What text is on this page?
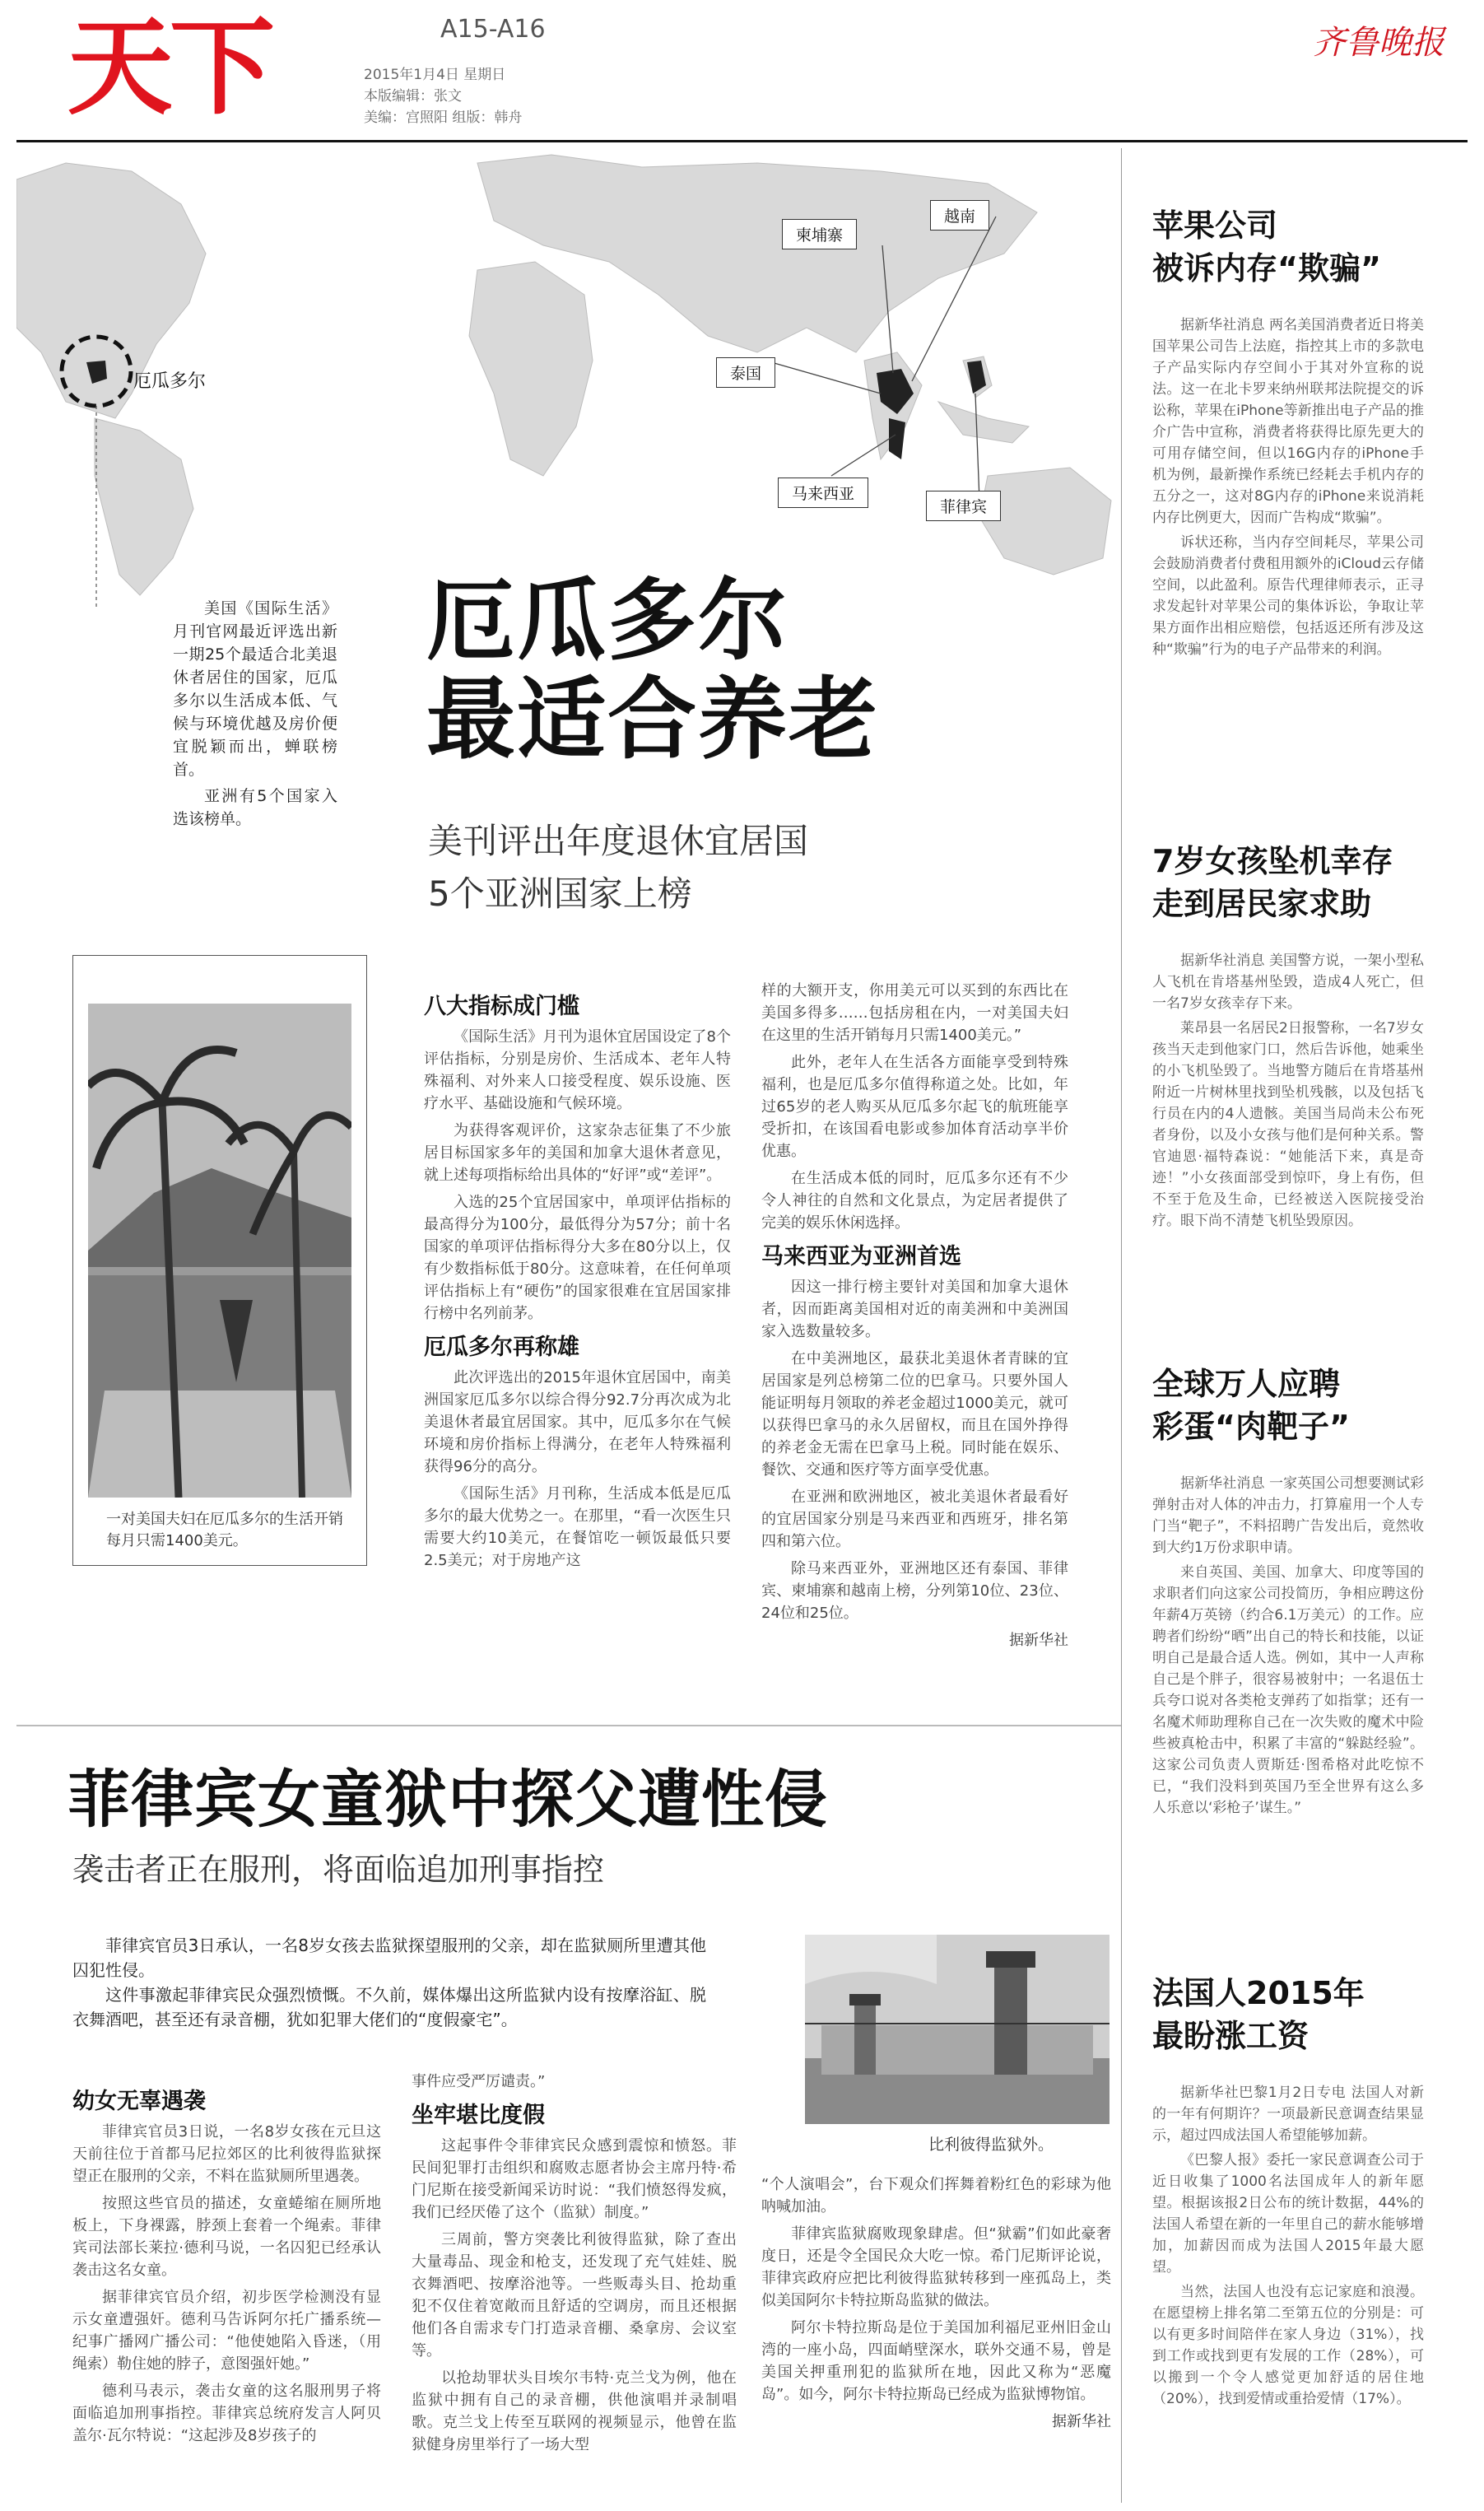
天下	A15-A16
2015年1月4日 星期日
本版编辑：张文
美编：宫照阳 组版：韩舟
齐鲁晚报
越南
柬埔寨
泰国
马来西亚
菲律宾
厄瓜多尔
美国《国际生活》月刊官网最近评选出新一期25个最适合北美退休者居住的国家，厄瓜多尔以生活成本低、气候与环境优越及房价便宜脱颖而出，蝉联榜首。
亚洲有5个国家入选该榜单。
厄瓜多尔
最适合养老
美刊评出年度退休宜居国
5个亚洲国家上榜
一对美国夫妇在厄瓜多尔的生活开销每月只需1400美元。
八大指标成门槛

《国际生活》月刊为退休宜居国设定了8个评估指标，分别是房价、生活成本、老年人特殊福利、对外来人口接受程度、娱乐设施、医疗水平、基础设施和气候环境。

为获得客观评价，这家杂志征集了不少旅居目标国家多年的美国和加拿大退休者意见，就上述每项指标给出具体的“好评”或“差评”。

入选的25个宜居国家中，单项评估指标的最高得分为100分，最低得分为57分；前十名国家的单项评估指标得分大多在80分以上，仅有少数指标低于80分。这意味着，在任何单项评估指标上有“硬伤”的国家很难在宜居国家排行榜中名列前茅。

厄瓜多尔再称雄

此次评选出的2015年退休宜居国中，南美洲国家厄瓜多尔以综合得分92.7分再次成为北美退休者最宜居国家。其中，厄瓜多尔在气候环境和房价指标上得满分，在老年人特殊福利获得96分的高分。

《国际生活》月刊称，生活成本低是厄瓜多尔的最大优势之一。在那里，“看一次医生只需要大约10美元，在餐馆吃一顿饭最低只要2.5美元；对于房地产这

样的大额开支，你用美元可以买到的东西比在美国多得多……包括房租在内，一对美国夫妇在这里的生活开销每月只需1400美元。”

此外，老年人在生活各方面能享受到特殊福利，也是厄瓜多尔值得称道之处。比如，年过65岁的老人购买从厄瓜多尔起飞的航班能享受折扣，在该国看电影或参加体育活动享半价优惠。

在生活成本低的同时，厄瓜多尔还有不少令人神往的自然和文化景点，为定居者提供了完美的娱乐休闲选择。

马来西亚为亚洲首选

因这一排行榜主要针对美国和加拿大退休者，因而距离美国相对近的南美洲和中美洲国家入选数量较多。

在中美洲地区，最获北美退休者青睐的宜居国家是列总榜第二位的巴拿马。只要外国人能证明每月领取的养老金超过1000美元，就可以获得巴拿马的永久居留权，而且在国外挣得的养老金无需在巴拿马上税。同时能在娱乐、餐饮、交通和医疗等方面享受优惠。

在亚洲和欧洲地区，被北美退休者最看好的宜居国家分别是马来西亚和西班牙，排名第四和第六位。

除马来西亚外，亚洲地区还有泰国、菲律宾、柬埔寨和越南上榜，分列第10位、23位、24位和25位。

据新华社
菲律宾女童狱中探父遭性侵
袭击者正在服刑，将面临追加刑事指控

菲律宾官员3日承认，一名8岁女孩去监狱探望服刑的父亲，却在监狱厕所里遭其他囚犯性侵。

这件事激起菲律宾民众强烈愤慨。不久前，媒体爆出这所监狱内设有按摩浴缸、脱衣舞酒吧，甚至还有录音棚，犹如犯罪大佬们的“度假豪宅”。

幼女无辜遇袭

菲律宾官员3日说，一名8岁女孩在元旦这天前往位于首都马尼拉郊区的比利彼得监狱探望正在服刑的父亲，不料在监狱厕所里遇袭。

按照这些官员的描述，女童蜷缩在厕所地板上，下身裸露，脖颈上套着一个绳索。菲律宾司法部长莱拉·德利马说，一名囚犯已经承认袭击这名女童。

据菲律宾官员介绍，初步医学检测没有显示女童遭强奸。德利马告诉阿尔托广播系统—纪事广播网广播公司：“他使她陷入昏迷，（用绳索）勒住她的脖子，意图强奸她。”

德利马表示，袭击女童的这名服刑男子将面临追加刑事指控。菲律宾总统府发言人阿贝盖尔·瓦尔特说：“这起涉及8岁孩子的

事件应受严厉谴责。”

坐牢堪比度假

这起事件令菲律宾民众感到震惊和愤怒。菲民间犯罪打击组织和腐败志愿者协会主席丹特·希门尼斯在接受新闻采访时说：“我们愤怒得发疯，我们已经厌倦了这个（监狱）制度。”

三周前，警方突袭比利彼得监狱，除了查出大量毒品、现金和枪支，还发现了充气娃娃、脱衣舞酒吧、按摩浴池等。一些贩毒头目、抢劫重犯不仅住着宽敞而且舒适的空调房，而且还根据他们各自需求专门打造录音棚、桑拿房、会议室等。

以抢劫罪状头目埃尔韦特·克兰戈为例，他在监狱中拥有自己的录音棚，供他演唱并录制唱歌。克兰戈上传至互联网的视频显示，他曾在监狱健身房里举行了一场大型

比利彼得监狱外。

“个人演唱会”，台下观众们挥舞着粉红色的彩球为他呐喊加油。

菲律宾监狱腐败现象肆虐。但“狱霸”们如此豪奢度日，还是令全国民众大吃一惊。希门尼斯评论说，菲律宾政府应把比利彼得监狱转移到一座孤岛上，类似美国阿尔卡特拉斯岛监狱的做法。

阿尔卡特拉斯岛是位于美国加利福尼亚州旧金山湾的一座小岛，四面峭壁深水，联外交通不易，曾是美国关押重刑犯的监狱所在地，因此又称为“恶魔岛”。如今，阿尔卡特拉斯岛已经成为监狱博物馆。

据新华社
苹果公司
被诉内存“欺骗”

据新华社消息 两名美国消费者近日将美国苹果公司告上法庭，指控其上市的多款电子产品实际内存空间小于其对外宣称的说法。这一在北卡罗来纳州联邦法院提交的诉讼称，苹果在iPhone等新推出电子产品的推介广告中宣称，消费者将获得比原先更大的可用存储空间，但以16G内存的iPhone手机为例，最新操作系统已经耗去手机内存的五分之一，这对8G内存的iPhone来说消耗内存比例更大，因而广告构成“欺骗”。

诉状还称，当内存空间耗尽，苹果公司会鼓励消费者付费租用额外的iCloud云存储空间，以此盈利。原告代理律师表示，正寻求发起针对苹果公司的集体诉讼，争取让苹果方面作出相应赔偿，包括返还所有涉及这种“欺骗”行为的电子产品带来的利润。

7岁女孩坠机幸存
走到居民家求助

据新华社消息 美国警方说，一架小型私人飞机在肯塔基州坠毁，造成4人死亡，但一名7岁女孩幸存下来。

莱昂县一名居民2日报警称，一名7岁女孩当天走到他家门口，然后告诉他，她乘坐的小飞机坠毁了。当地警方随后在肯塔基州附近一片树林里找到坠机残骸，以及包括飞行员在内的4人遗骸。美国当局尚未公布死者身份，以及小女孩与他们是何种关系。警官迪恩·福特森说：“她能活下来，真是奇迹！”小女孩面部受到惊吓，身上有伤，但不至于危及生命，已经被送入医院接受治疗。眼下尚不清楚飞机坠毁原因。

全球万人应聘
彩蛋“肉靶子”

据新华社消息 一家英国公司想要测试彩弹射击对人体的冲击力，打算雇用一个人专门当“靶子”，不料招聘广告发出后，竟然收到大约1万份求职申请。

来自英国、美国、加拿大、印度等国的求职者们向这家公司投简历，争相应聘这份年薪4万英镑（约合6.1万美元）的工作。应聘者们纷纷“晒”出自己的特长和技能，以证明自己是最合适人选。例如，其中一人声称自己是个胖子，很容易被射中；一名退伍士兵夸口说对各类枪支弹药了如指掌；还有一名魔术师助理称自己在一次失败的魔术中险些被真枪击中，积累了丰富的“躲跶经验”。这家公司负责人贾斯廷·图希格对此吃惊不已，“我们没料到英国乃至全世界有这么多人乐意以‘彩枪子’谋生。”

法国人2015年
最盼涨工资

据新华社巴黎1月2日专电 法国人对新的一年有何期许？一项最新民意调查结果显示，超过四成法国人希望能够加薪。

《巴黎人报》委托一家民意调查公司于近日收集了1000名法国成年人的新年愿望。根据该报2日公布的统计数据，44%的法国人希望在新的一年里自己的薪水能够增加，加薪因而成为法国人2015年最大愿望。

当然，法国人也没有忘记家庭和浪漫。在愿望榜上排名第二至第五位的分别是：可以有更多时间陪伴在家人身边（31%），找到工作或找到更有发展的工作（28%），可以搬到一个令人感觉更加舒适的居住地（20%），找到爱情或重拾爱情（17%）。
